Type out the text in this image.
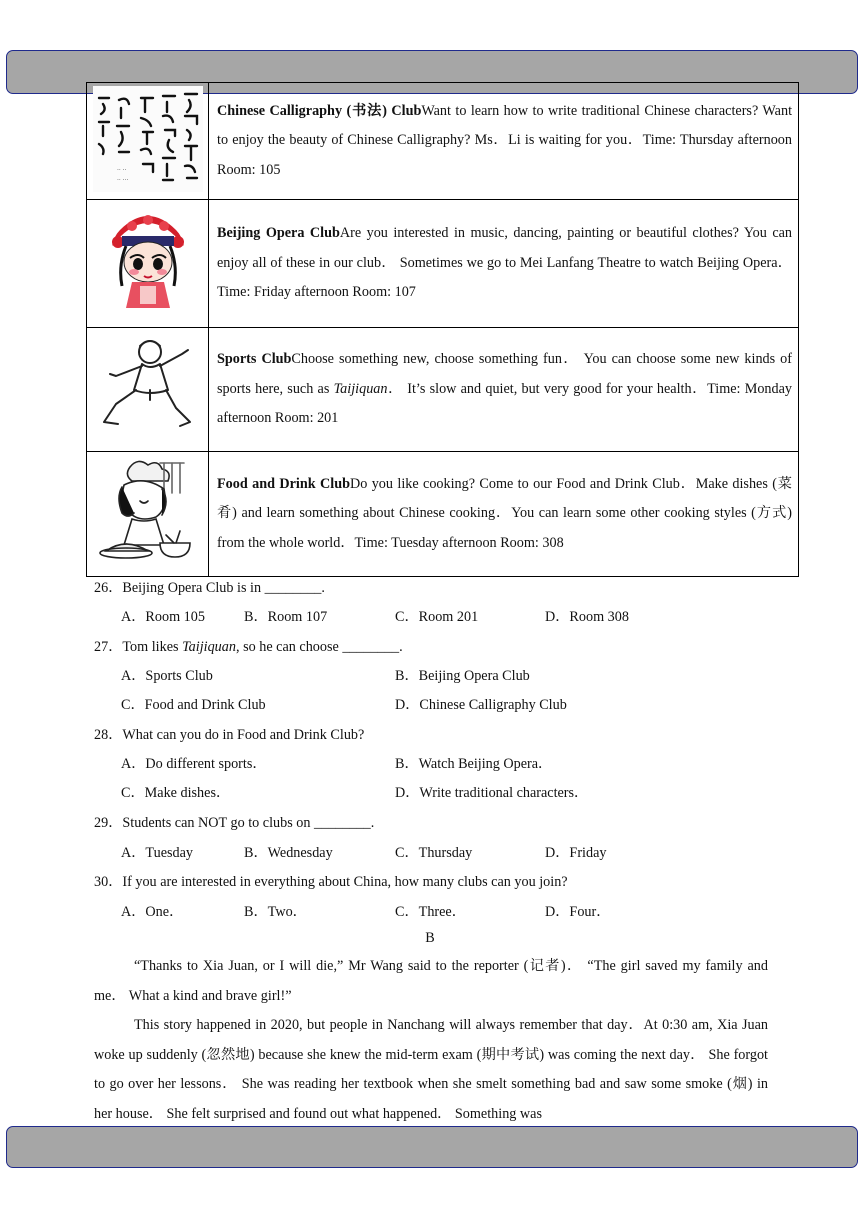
·· ··
·· ···	Chinese Calligraphy (书法) ClubWant to learn how to write traditional Chinese characters? Want to enjoy the beauty of Chinese Calligraphy? Ms．Li is waiting for you．Time: Thursday afternoon Room: 105
	Beijing Opera ClubAre you interested in music, dancing, painting or beautiful clothes? You can enjoy all of these in our club． Sometimes we go to Mei Lanfang Theatre to watch Beijing Opera．Time: Friday afternoon Room: 107
	Sports ClubChoose something new, choose something fun． You can choose some new kinds of sports here, such as Taijiquan． It’s slow and quiet, but very good for your health．Time: Monday afternoon Room: 201
	Food and Drink ClubDo you like cooking? Come to our Food and Drink Club．Make dishes (菜肴) and learn something about Chinese cooking．You can learn some other cooking styles (方式) from the whole world．Time: Tuesday afternoon Room: 308
26．Beijing Opera Club is in ________.
A．Room 105	B．Room 107	C．Room 201	D．Room 308
27．Tom likes Taijiquan, so he can choose ________.
A．Sports Club	B．Beijing Opera Club
C．Food and Drink Club	D．Chinese Calligraphy Club
28．What can you do in Food and Drink Club?
A．Do different sports．	B．Watch Beijing Opera．
C．Make dishes．	D．Write traditional characters．
29．Students can NOT go to clubs on ________.
A．Tuesday	B．Wednesday	C．Thursday	D．Friday
30．If you are interested in everything about China, how many clubs can you join?
A．One．	B．Two．	C．Three．	D．Four．
B
“Thanks to Xia Juan, or I will die,” Mr Wang said to the reporter (记者)． “The girl saved my family and me． What a kind and brave girl!”
This story happened in 2020, but people in Nanchang will always remember that day．At 0:30 am, Xia Juan woke up suddenly (忽然地) because she knew the mid-term exam (期中考试) was coming the next day． She forgot to go over her lessons． She was reading her textbook when she smelt something bad and saw some smoke (烟) in her house． She felt surprised and found out what happened． Something was
